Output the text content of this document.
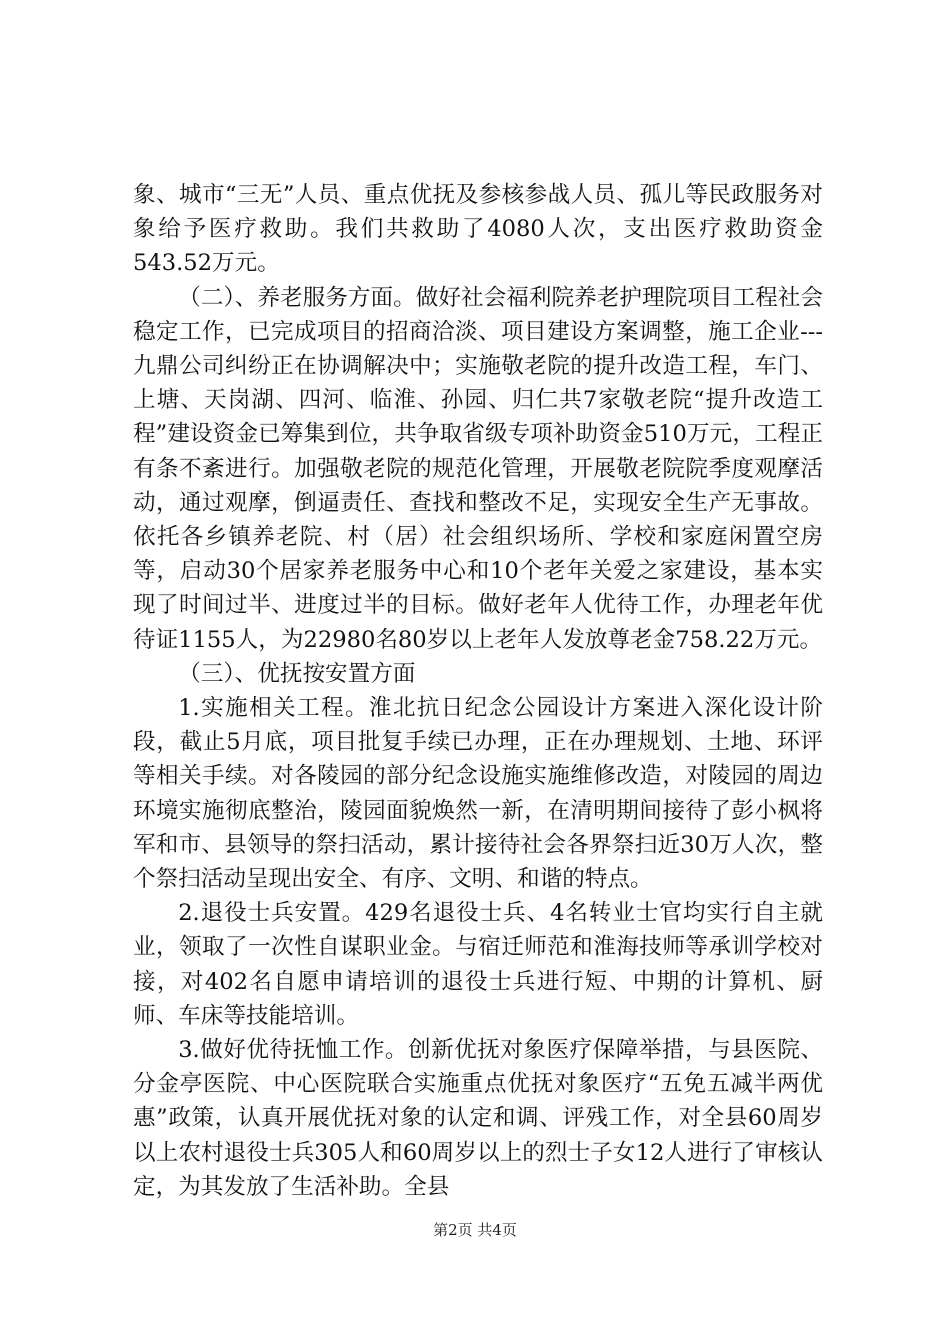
象、城市“三无”人员、重点优抚及参核参战人员、孤儿等民政服务对象给予医疗救助。我们共救助了4080人次，支出医疗救助资金543.52万元。

（二）、养老服务方面。做好社会福利院养老护理院项目工程社会稳定工作，已完成项目的招商洽淡、项目建设方案调整，施工企业---九鼎公司纠纷正在协调解决中；实施敬老院的提升改造工程，车门、上塘、天岗湖、四河、临淮、孙园、归仁共7家敬老院“提升改造工程”建设资金已筹集到位，共争取省级专项补助资金510万元，工程正有条不紊进行。加强敬老院的规范化管理，开展敬老院院季度观摩活动，通过观摩，倒逼责任、查找和整改不足，实现安全生产无事故。依托各乡镇养老院、村（居）社会组织场所、学校和家庭闲置空房等，启动30个居家养老服务中心和10个老年关爱之家建设，基本实现了时间过半、进度过半的目标。做好老年人优待工作，办理老年优待证1155人，为22980名80岁以上老年人发放尊老金758.22万元。

（三）、优抚按安置方面

1.实施相关工程。淮北抗日纪念公园设计方案进入深化设计阶段，截止5月底，项目批复手续已办理，正在办理规划、土地、环评等相关手续。对各陵园的部分纪念设施实施维修改造，对陵园的周边环境实施彻底整治，陵园面貌焕然一新，在清明期间接待了彭小枫将军和市、县领导的祭扫活动，累计接待社会各界祭扫近30万人次，整个祭扫活动呈现出安全、有序、文明、和谐的特点。

2.退役士兵安置。429名退役士兵、4名转业士官均实行自主就业，领取了一次性自谋职业金。与宿迁师范和淮海技师等承训学校对接，对402名自愿申请培训的退役士兵进行短、中期的计算机、厨师、车床等技能培训。

3.做好优待抚恤工作。创新优抚对象医疗保障举措，与县医院、分金亭医院、中心医院联合实施重点优抚对象医疗“五免五减半两优惠”政策，认真开展优抚对象的认定和调、评残工作，对全县60周岁以上农村退役士兵305人和60周岁以上的烈士子女12人进行了审核认定，为其发放了生活补助。全县

第2页 共4页
